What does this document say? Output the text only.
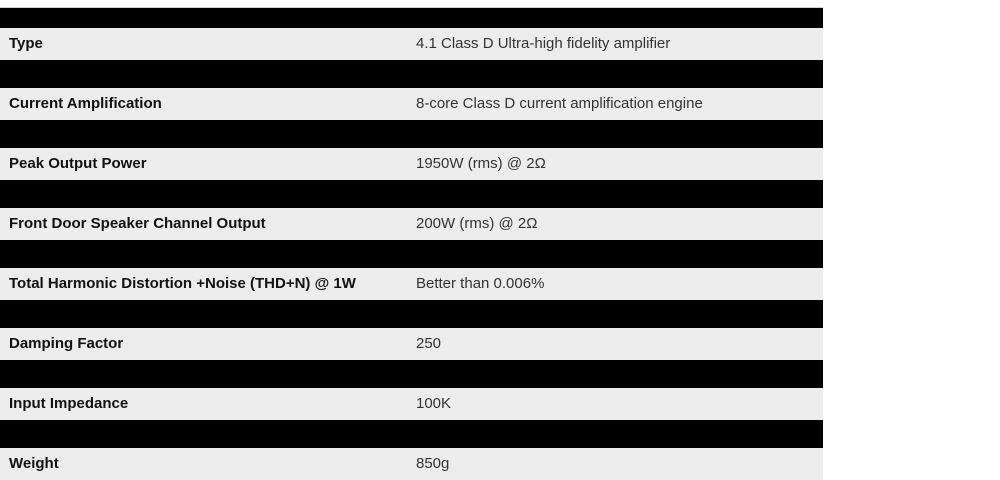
Type	4.1 Class D Ultra-high fidelity amplifier
Current Amplification	8-core Class D current amplification engine
Peak Output Power	1950W (rms) @ 2Ω
Front Door Speaker Channel Output	200W (rms) @ 2Ω
Total Harmonic Distortion +Noise (THD+N) @ 1W	Better than 0.006%
Damping Factor	250
Input Impedance	100K
Weight	850g
